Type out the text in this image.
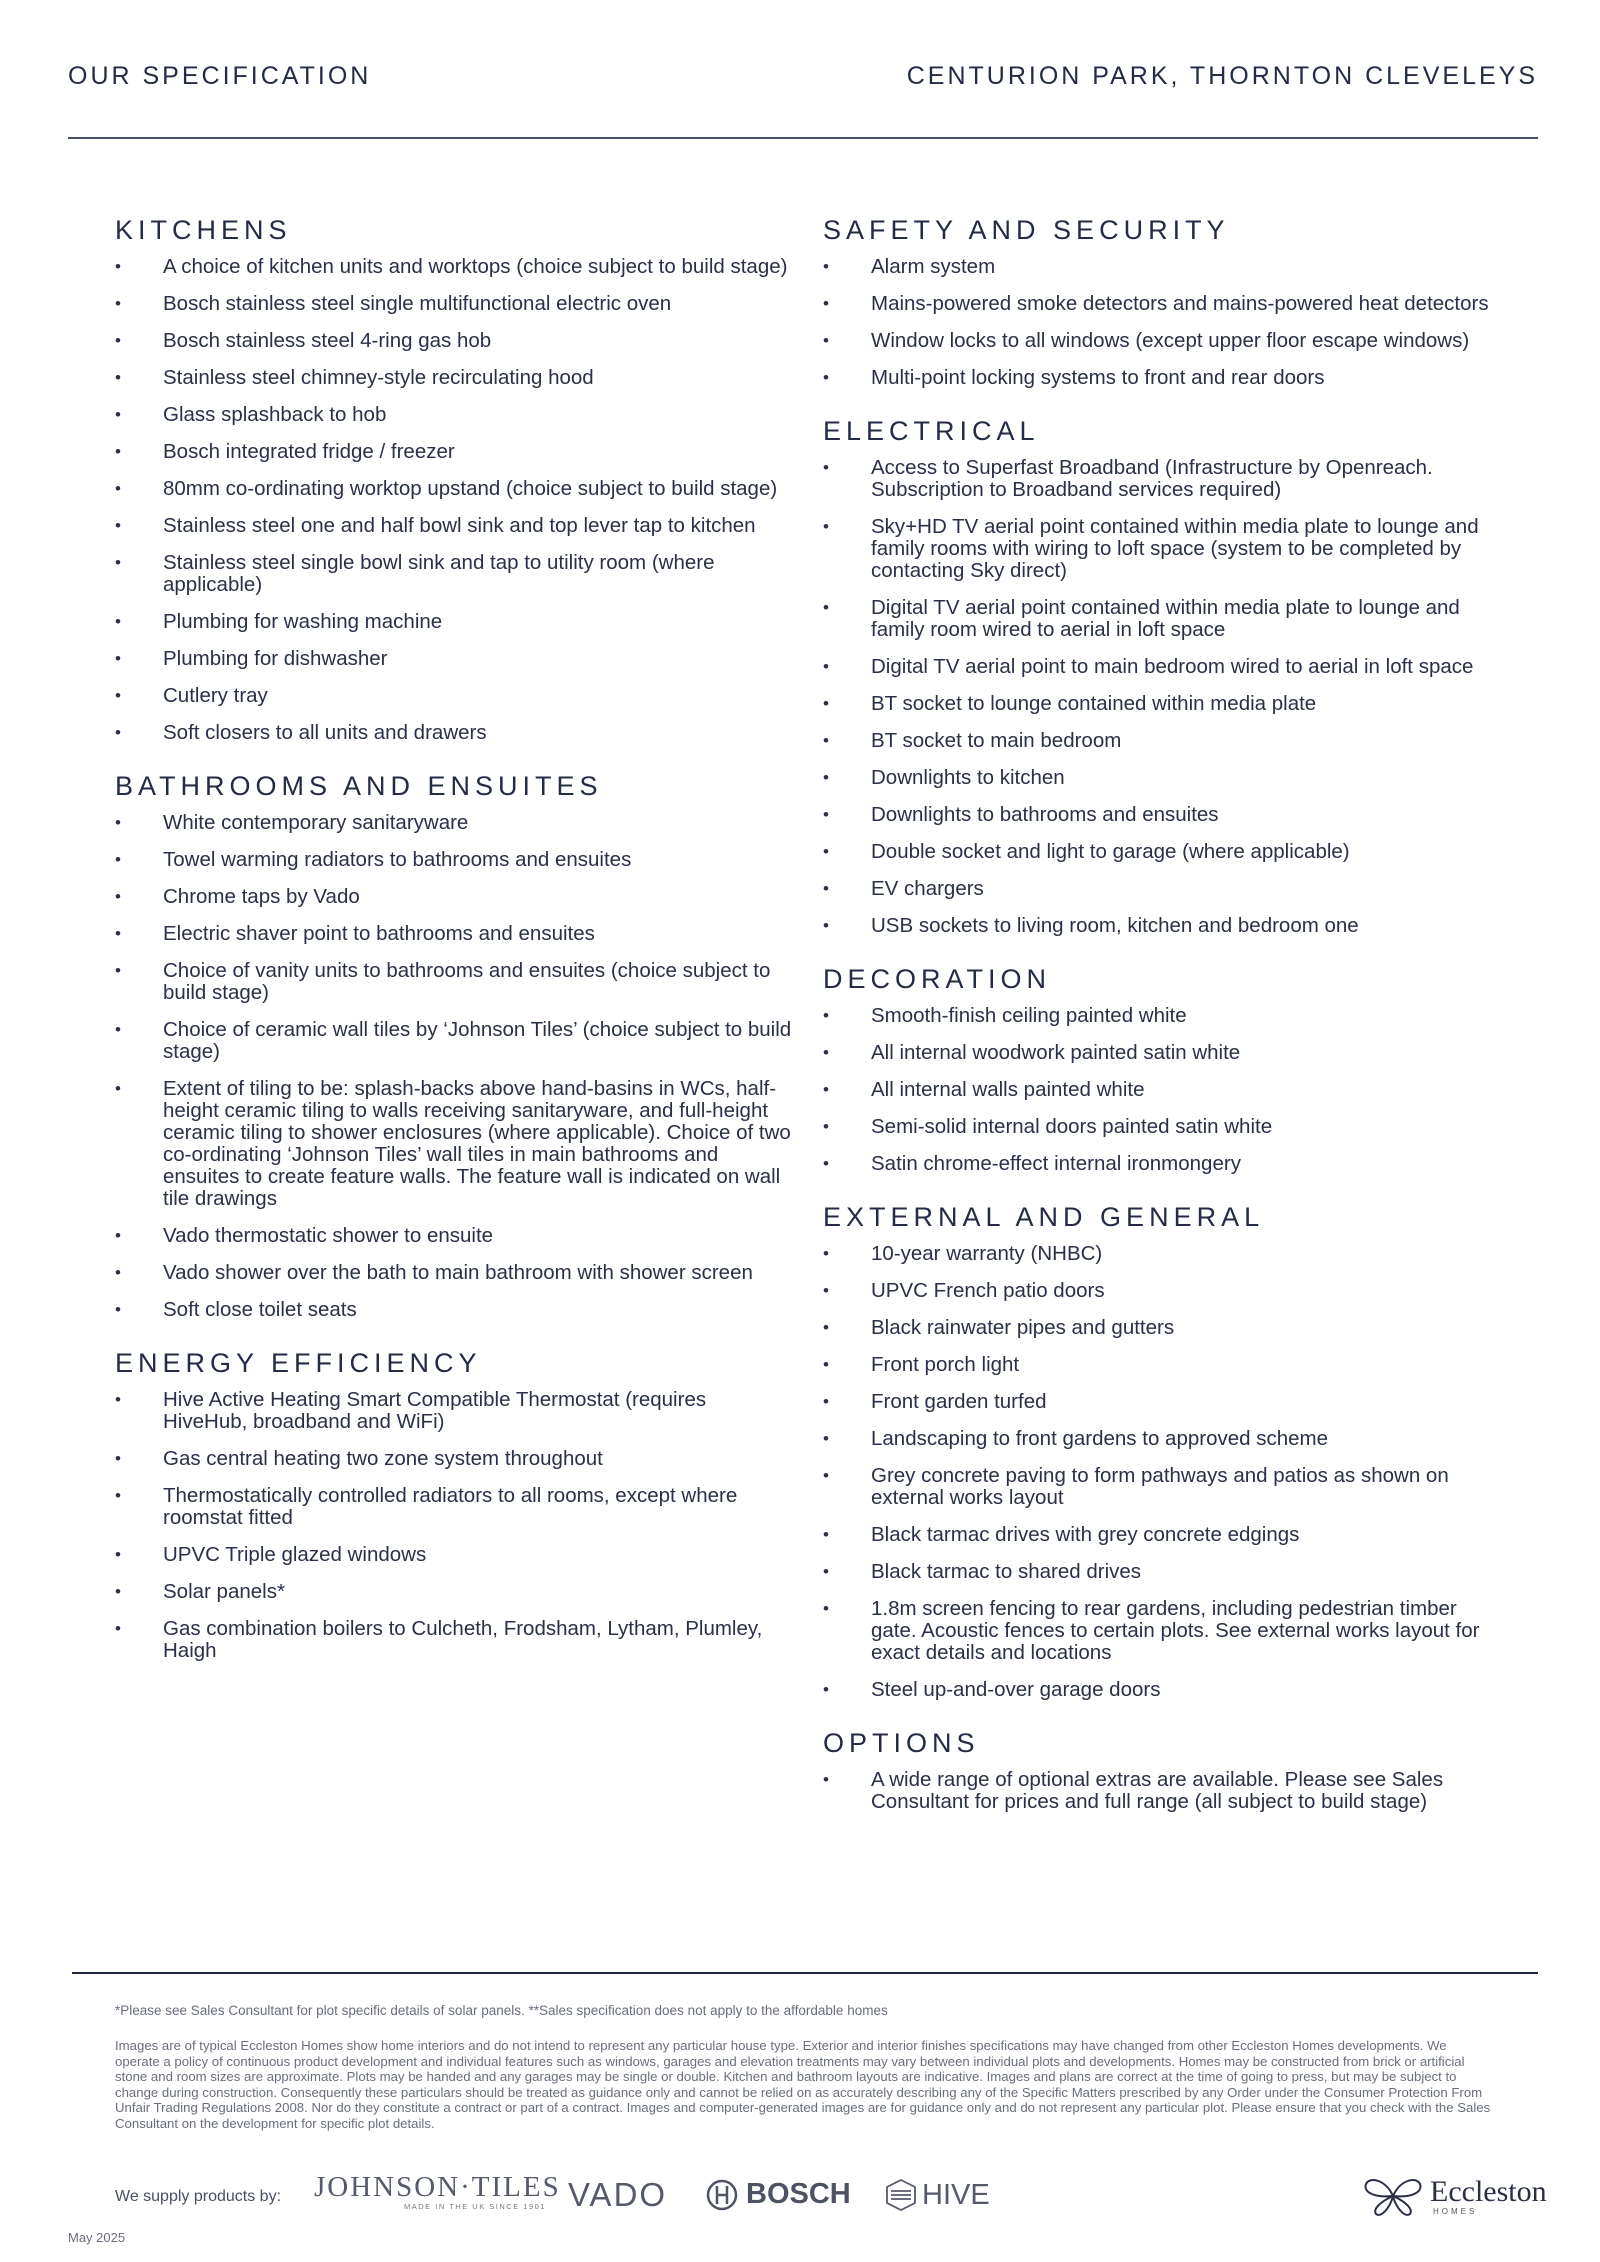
OUR SPECIFICATION	CENTURION PARK, THORNTON CLEVELEYS
KITCHENS
• A choice of kitchen units and worktops (choice subject to build stage)
• Bosch stainless steel single multifunctional electric oven
• Bosch stainless steel 4-ring gas hob
• Stainless steel chimney-style recirculating hood
• Glass splashback to hob
• Bosch integrated fridge / freezer
• 80mm co-ordinating worktop upstand (choice subject to build stage)
• Stainless steel one and half bowl sink and top lever tap to kitchen
• Stainless steel single bowl sink and tap to utility room (where applicable)
• Plumbing for washing machine
• Plumbing for dishwasher
• Cutlery tray
• Soft closers to all units and drawers
BATHROOMS AND ENSUITES
• White contemporary sanitaryware
• Towel warming radiators to bathrooms and ensuites
• Chrome taps by Vado
• Electric shaver point to bathrooms and ensuites
• Choice of vanity units to bathrooms and ensuites (choice subject to build stage)
• Choice of ceramic wall tiles by ‘Johnson Tiles’ (choice subject to build stage)
• Extent of tiling to be: splash-backs above hand-basins in WCs, half-height ceramic tiling to walls receiving sanitaryware, and full-height ceramic tiling to shower enclosures (where applicable). Choice of two co-ordinating ‘Johnson Tiles’ wall tiles in main bathrooms and ensuites to create feature walls. The feature wall is indicated on wall tile drawings
• Vado thermostatic shower to ensuite
• Vado shower over the bath to main bathroom with shower screen
• Soft close toilet seats
ENERGY EFFICIENCY
• Hive Active Heating Smart Compatible Thermostat (requires HiveHub, broadband and WiFi)
• Gas central heating two zone system throughout
• Thermostatically controlled radiators to all rooms, except where roomstat fitted
• UPVC Triple glazed windows
• Solar panels*
• Gas combination boilers to Culcheth, Frodsham, Lytham, Plumley, Haigh
SAFETY AND SECURITY
• Alarm system
• Mains-powered smoke detectors and mains-powered heat detectors
• Window locks to all windows (except upper floor escape windows)
• Multi-point locking systems to front and rear doors
ELECTRICAL
• Access to Superfast Broadband (Infrastructure by Openreach. Subscription to Broadband services required)
• Sky+HD TV aerial point contained within media plate to lounge and family rooms with wiring to loft space (system to be completed by contacting Sky direct)
• Digital TV aerial point contained within media plate to lounge and family room wired to aerial in loft space
• Digital TV aerial point to main bedroom wired to aerial in loft space
• BT socket to lounge contained within media plate
• BT socket to main bedroom
• Downlights to kitchen
• Downlights to bathrooms and ensuites
• Double socket and light to garage (where applicable)
• EV chargers
• USB sockets to living room, kitchen and bedroom one
DECORATION
• Smooth-finish ceiling painted white
• All internal woodwork painted satin white
• All internal walls painted white
• Semi-solid internal doors painted satin white
• Satin chrome-effect internal ironmongery
EXTERNAL AND GENERAL
• 10-year warranty (NHBC)
• UPVC French patio doors
• Black rainwater pipes and gutters
• Front porch light
• Front garden turfed
• Landscaping to front gardens to approved scheme
• Grey concrete paving to form pathways and patios as shown on external works layout
• Black tarmac drives with grey concrete edgings
• Black tarmac to shared drives
• 1.8m screen fencing to rear gardens, including pedestrian timber gate. Acoustic fences to certain plots. See external works layout for exact details and locations
• Steel up-and-over garage doors
OPTIONS
• A wide range of optional extras are available. Please see Sales Consultant for prices and full range (all subject to build stage)
*Please see Sales Consultant for plot specific details of solar panels. **Sales specification does not apply to the affordable homes
Images are of typical Eccleston Homes show home interiors and do not intend to represent any particular house type. Exterior and interior finishes specifications may have changed from other Eccleston Homes developments. We operate a policy of continuous product development and individual features such as windows, garages and elevation treatments may vary between individual plots and developments. Homes may be constructed from brick or artificial stone and room sizes are approximate. Plots may be handed and any garages may be single or double. Kitchen and bathroom layouts are indicative. Images and plans are correct at the time of going to press, but may be subject to change during construction. Consequently these particulars should be treated as guidance only and cannot be relied on as accurately describing any of the Specific Matters prescribed by any Order under the Consumer Protection From Unfair Trading Regulations 2008. Nor do they constitute a contract or part of a contract. Images and computer-generated images are for guidance only and do not represent any particular plot. Please ensure that you check with the Sales Consultant on the development for specific plot details.
We supply products by: JOHNSON·TILES
MADE IN THE UK SINCE 1901 VADO	BOSCH HIVE	Eccleston
HOMES
May 2025
